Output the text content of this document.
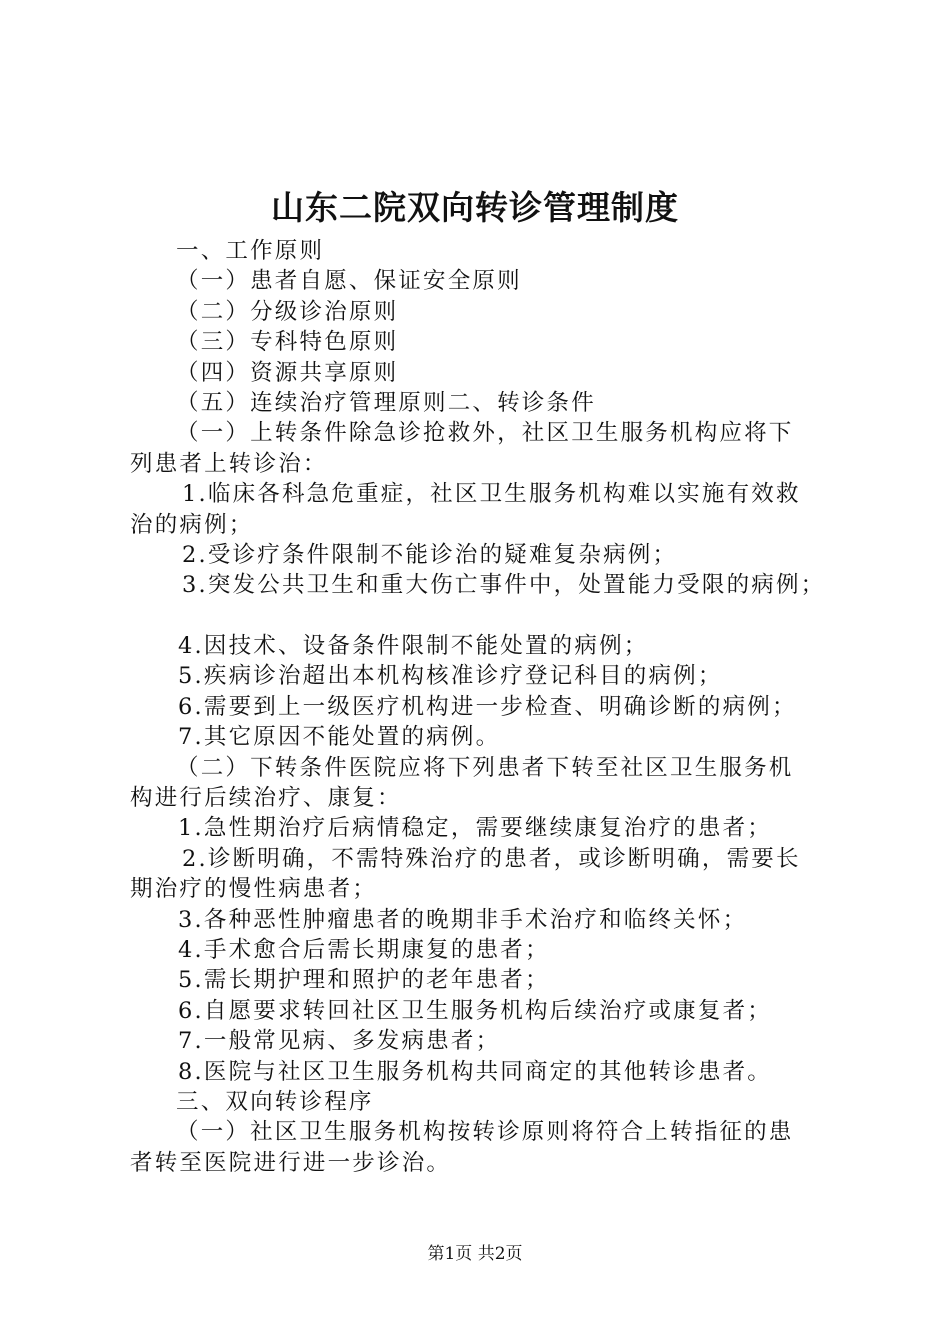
山东二院双向转诊管理制度
一、工作原则
（一）患者自愿、保证安全原则
（二）分级诊治原则
（三）专科特色原则
（四）资源共享原则
（五）连续治疗管理原则二、转诊条件
（一）上转条件除急诊抢救外，社区卫生服务机构应将下
列患者上转诊治：
1.临床各科急危重症，社区卫生服务机构难以实施有效救
治的病例；
2.受诊疗条件限制不能诊治的疑难复杂病例；
3.突发公共卫生和重大伤亡事件中，处置能力受限的病例；
4.因技术、设备条件限制不能处置的病例；
5.疾病诊治超出本机构核准诊疗登记科目的病例；
6.需要到上一级医疗机构进一步检查、明确诊断的病例；
7.其它原因不能处置的病例。
（二）下转条件医院应将下列患者下转至社区卫生服务机
构进行后续治疗、康复：
1.急性期治疗后病情稳定，需要继续康复治疗的患者；
2.诊断明确，不需特殊治疗的患者，或诊断明确，需要长
期治疗的慢性病患者；
3.各种恶性肿瘤患者的晚期非手术治疗和临终关怀；
4.手术愈合后需长期康复的患者；
5.需长期护理和照护的老年患者；
6.自愿要求转回社区卫生服务机构后续治疗或康复者；
7.一般常见病、多发病患者；
8.医院与社区卫生服务机构共同商定的其他转诊患者。
三、双向转诊程序
（一）社区卫生服务机构按转诊原则将符合上转指征的患
者转至医院进行进一步诊治。
第1页 共2页
